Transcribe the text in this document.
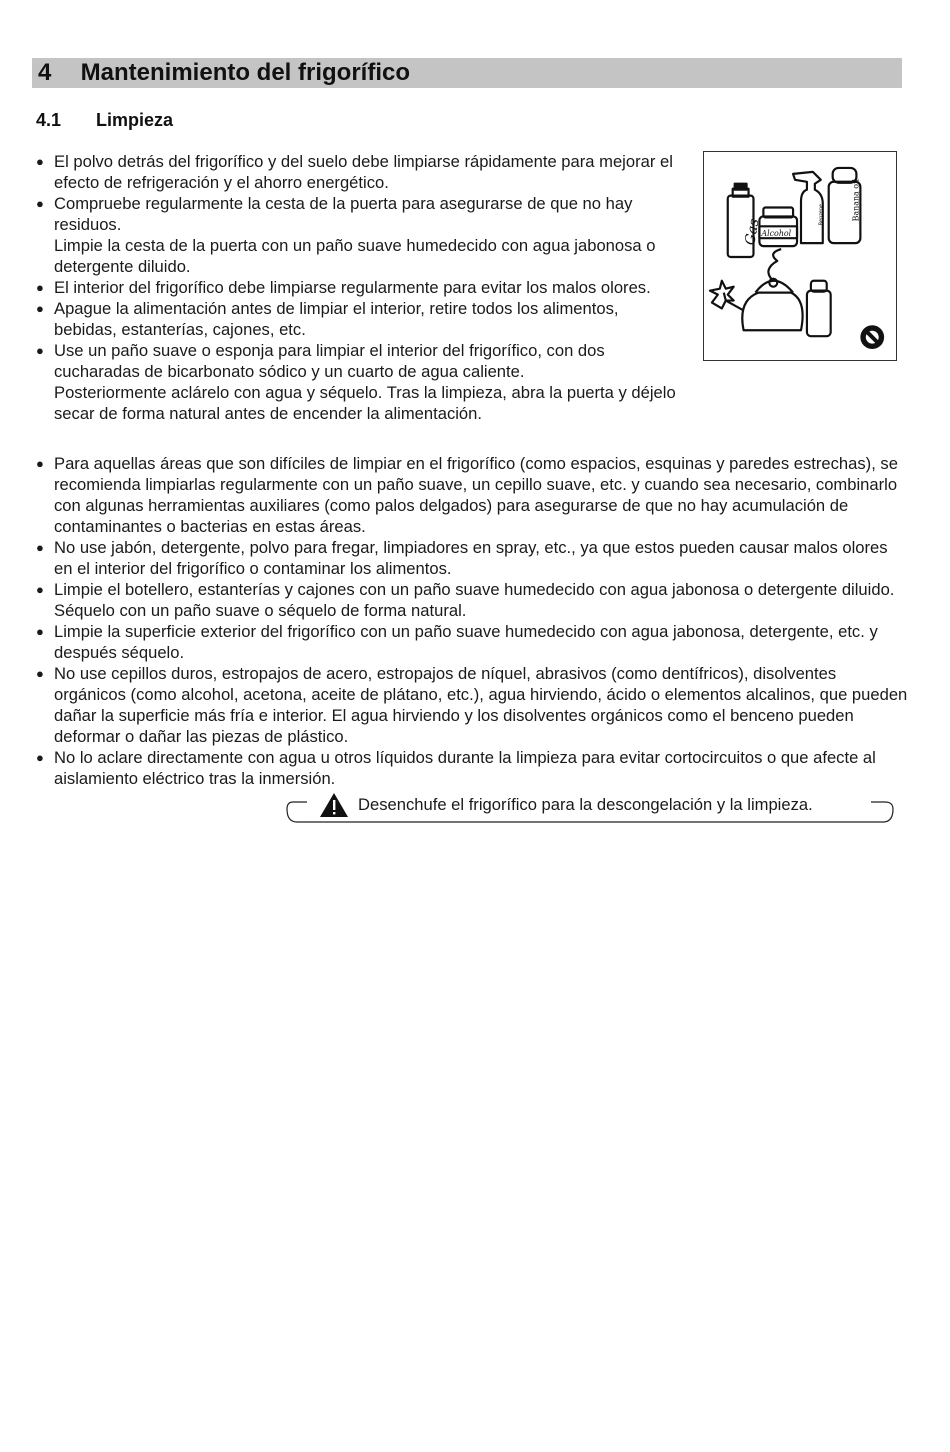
4 Mantenimiento del frigorífico
4.1 Limpieza
● El polvo detrás del frigorífico y del suelo debe limpiarse rápidamente para mejorar el efecto de refrigeración y el ahorro energético.
● Compruebe regularmente la cesta de la puerta para asegurarse de que no hay residuos.
Limpie la cesta de la puerta con un paño suave humedecido con agua jabonosa o detergente diluido.
● El interior del frigorífico debe limpiarse regularmente para evitar los malos olores.
● Apague la alimentación antes de limpiar el interior, retire todos los alimentos, bebidas, estanterías, cajones, etc.
● Use un paño suave o esponja para limpiar el interior del frigorífico, con dos cucharadas de bicarbonato sódico y un cuarto de agua caliente.
Posteriormente aclárelo con agua y séquelo. Tras la limpieza, abra la puerta y déjelo secar de forma natural antes de encender la alimentación.
Gas
Alcohol
Benzene	Banana oil
● Para aquellas áreas que son difíciles de limpiar en el frigorífico (como espacios, esquinas y paredes estrechas), se recomienda limpiarlas regularmente con un paño suave, un cepillo suave, etc. y cuando sea necesario, combinarlo con algunas herramientas auxiliares (como palos delgados) para asegurarse de que no hay acumulación de contaminantes o bacterias en estas áreas.
● No use jabón, detergente, polvo para fregar, limpiadores en spray, etc., ya que estos pueden causar malos olores en el interior del frigorífico o contaminar los alimentos.
● Limpie el botellero, estanterías y cajones con un paño suave humedecido con agua jabonosa o detergente diluido. Séquelo con un paño suave o séquelo de forma natural.
● Limpie la superficie exterior del frigorífico con un paño suave humedecido con agua jabonosa, detergente, etc. y después séquelo.
● No use cepillos duros, estropajos de acero, estropajos de níquel, abrasivos (como dentífricos), disolventes orgánicos (como alcohol, acetona, aceite de plátano, etc.), agua hirviendo, ácido o elementos alcalinos, que pueden dañar la superficie más fría e interior. El agua hirviendo y los disolventes orgánicos como el benceno pueden deformar o dañar las piezas de plástico.
● No lo aclare directamente con agua u otros líquidos durante la limpieza para evitar cortocircuitos o que afecte al aislamiento eléctrico tras la inmersión.
Desenchufe el frigorífico para la descongelación y la limpieza.
